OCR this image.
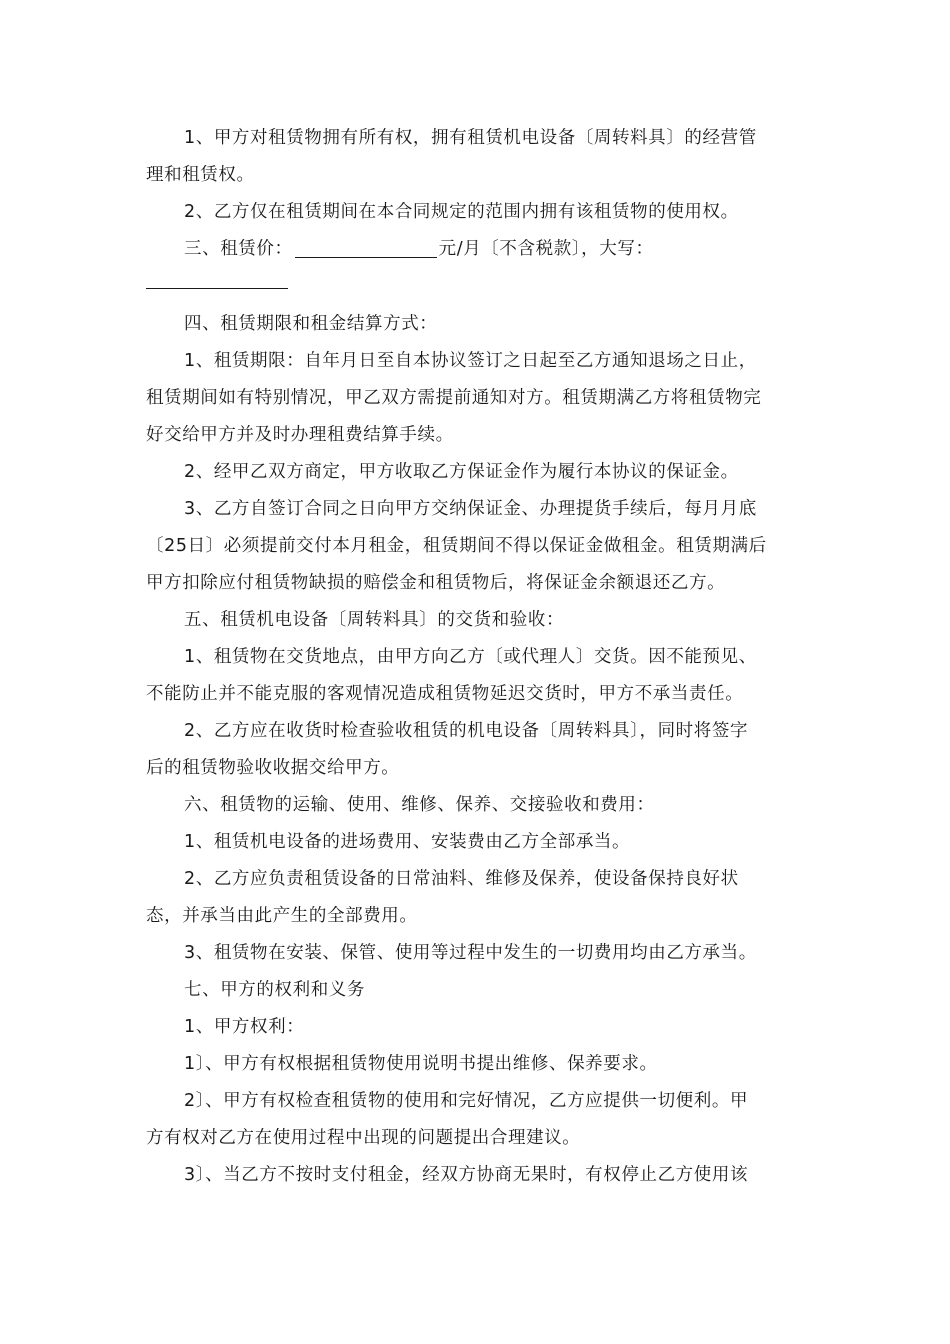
1、甲方对租赁物拥有所有权，拥有租赁机电设备〔周转料具〕的经营管
理和租赁权。

2、乙方仅在租赁期间在本合同规定的范围内拥有该租赁物的使用权。

三、租赁价：	元/月〔不含税款〕，大写：

四、租赁期限和租金结算方式：

1、租赁期限：自年月日至自本协议签订之日起至乙方通知退场之日止，
租赁期间如有特别情况，甲乙双方需提前通知对方。租赁期满乙方将租赁物完
好交给甲方并及时办理租费结算手续。

2、经甲乙双方商定，甲方收取乙方保证金作为履行本协议的保证金。

3、乙方自签订合同之日向甲方交纳保证金、办理提货手续后，每月月底
〔25日〕必须提前交付本月租金，租赁期间不得以保证金做租金。租赁期满后
甲方扣除应付租赁物缺损的赔偿金和租赁物后，将保证金余额退还乙方。

五、租赁机电设备〔周转料具〕的交货和验收：

1、租赁物在交货地点，由甲方向乙方〔或代理人〕交货。因不能预见、
不能防止并不能克服的客观情况造成租赁物延迟交货时，甲方不承当责任。

2、乙方应在收货时检查验收租赁的机电设备〔周转料具〕，同时将签字
后的租赁物验收收据交给甲方。

六、租赁物的运输、使用、维修、保养、交接验收和费用：

1、租赁机电设备的进场费用、安装费由乙方全部承当。

2、乙方应负责租赁设备的日常油料、维修及保养，使设备保持良好状
态，并承当由此产生的全部费用。

3、租赁物在安装、保管、使用等过程中发生的一切费用均由乙方承当。

七、甲方的权利和义务

1、甲方权利：

1〕、甲方有权根据租赁物使用说明书提出维修、保养要求。

2〕、甲方有权检查租赁物的使用和完好情况，乙方应提供一切便利。甲
方有权对乙方在使用过程中出现的问题提出合理建议。

3〕、当乙方不按时支付租金，经双方协商无果时，有权停止乙方使用该
